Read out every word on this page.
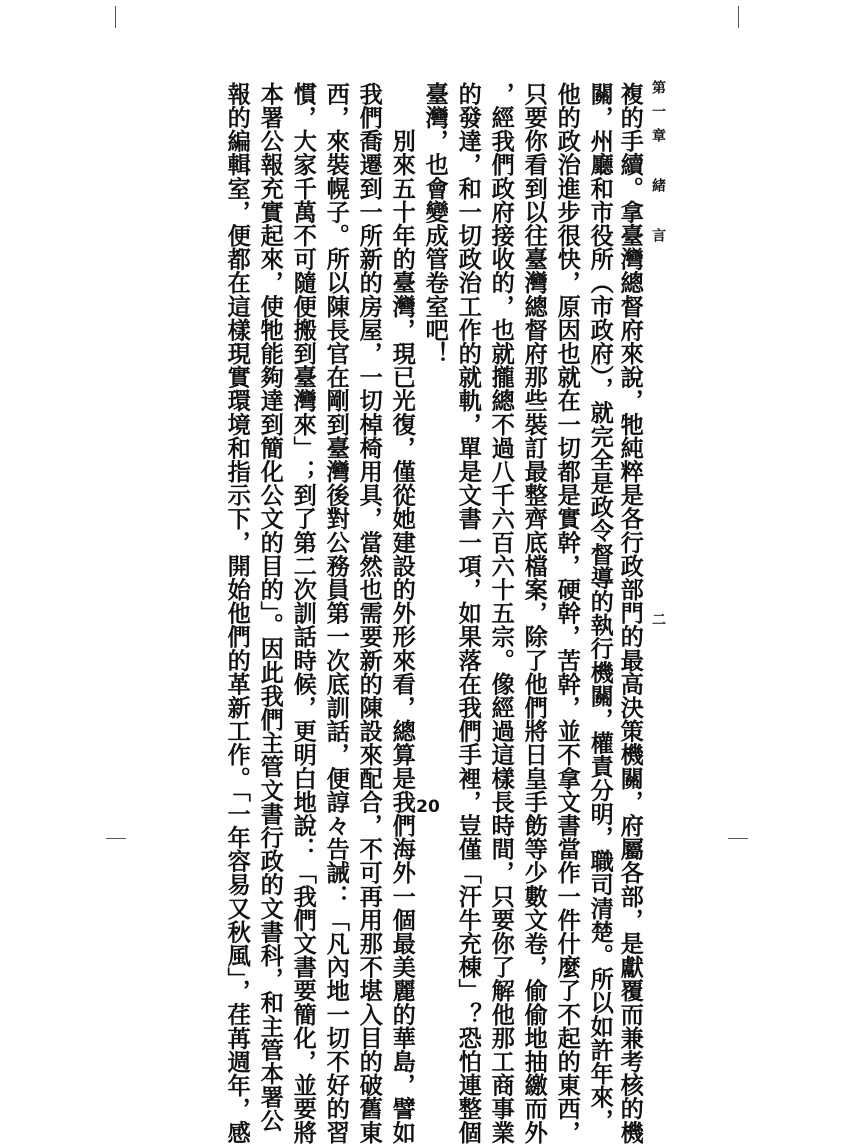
第一章 緒 言
二
報的編輯室，便都在這樣現實環境和指示下，開始他們的革新工作。「一年容易又秋風」，荏苒週年，感 本署公報充實起來，使牠能夠達到簡化公文的目的」。因此我們主管文書行政的文書科，和主管本署公 慣，大家千萬不可隨便搬到臺灣來」；到了第二次訓話時候，更明白地說：「我們文書要簡化，並要將 西，來裝幌子。所以陳長官在剛到臺灣後對公務員第一次底訓話，便諄々告誡：「凡內地一切不好的習 我們喬遷到一所新的房屋，一切棹椅用具，當然也需要新的陳設來配合，不可再用那不堪入目的破舊東 　　別來五十年的臺灣，現已光復，僅從她建設的外形來看，總算是我們海外一個最美麗的華島，譬如 臺灣，也會變成管卷室吧！ 的發達，和一切政治工作的就軌，單是文書一項，如果落在我們手裡，豈僅「汗牛充棟」？恐怕連整個 ，經我們政府接收的，也就攏總不過八千六百六十五宗。像經過這樣長時間，只要你了解他那工商事業 只要你看到以往臺灣總督府那些裝訂最整齊底檔案，除了他們將日皇手飭等少數文卷，偷偷地抽繳而外 他的政治進步很快，原因也就在一切都是實幹，硬幹，苦幹，並不拿文書當作一件什麼了不起的東西， 關，州廳和市役所（市政府），就完全是政令督導的執行機關，權責分明，職司清楚。所以如許年來， 複的手續。拿臺灣總督府來說，牠純粹是各行政部門的最高決策機關，府屬各部，是獻覆而兼考核的機
20
